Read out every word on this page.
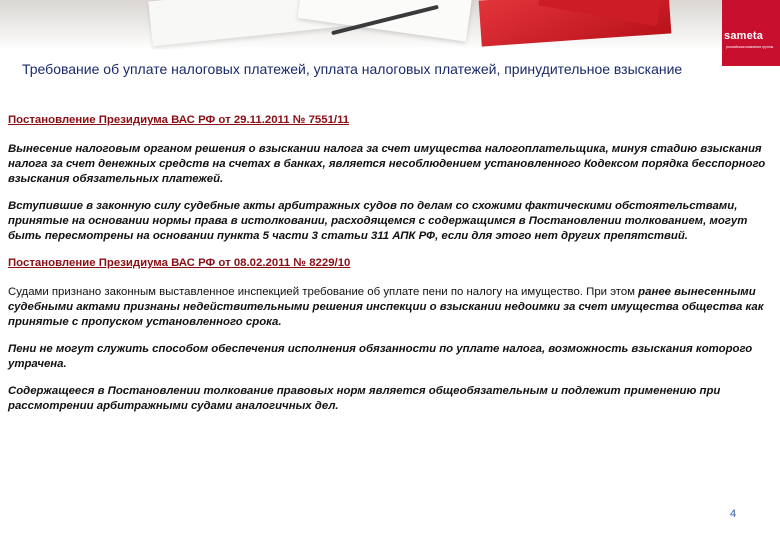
sameta
российская компания группы
Требование об уплате налоговых платежей, уплата налоговых платежей, принудительное взыскание
Постановление Президиума ВАС РФ от 29.11.2011 № 7551/11

Вынесение налоговым органом решения о взыскании налога за счет имущества налогоплательщика, минуя стадию взыскания налога за счет денежных средств на счетах в банках, является несоблюдением установленного Кодексом порядка бесспорного взыскания обязательных платежей.

Вступившие в законную силу судебные акты арбитражных судов по делам со схожими фактическими обстоятельствами, принятые на основании нормы права в истолковании, расходящемся с содержащимся в Постановлении толкованием, могут быть пересмотрены на основании пункта 5 части 3 статьи 311 АПК РФ, если для этого нет других препятствий.

Постановление Президиума ВАС РФ от 08.02.2011 № 8229/10

Судами признано законным выставленное инспекцией требование об уплате пени по налогу на имущество. При этом ранее вынесенными судебными актами признаны недействительными решения инспекции о взыскании недоимки за счет имущества общества как принятые с пропуском установленного срока.

Пени не могут служить способом обеспечения исполнения обязанности по уплате налога, возможность взыскания которого утрачена.

Содержащееся в Постановлении толкование правовых норм является общеобязательным и подлежит применению при рассмотрении арбитражными судами аналогичных дел.

4
